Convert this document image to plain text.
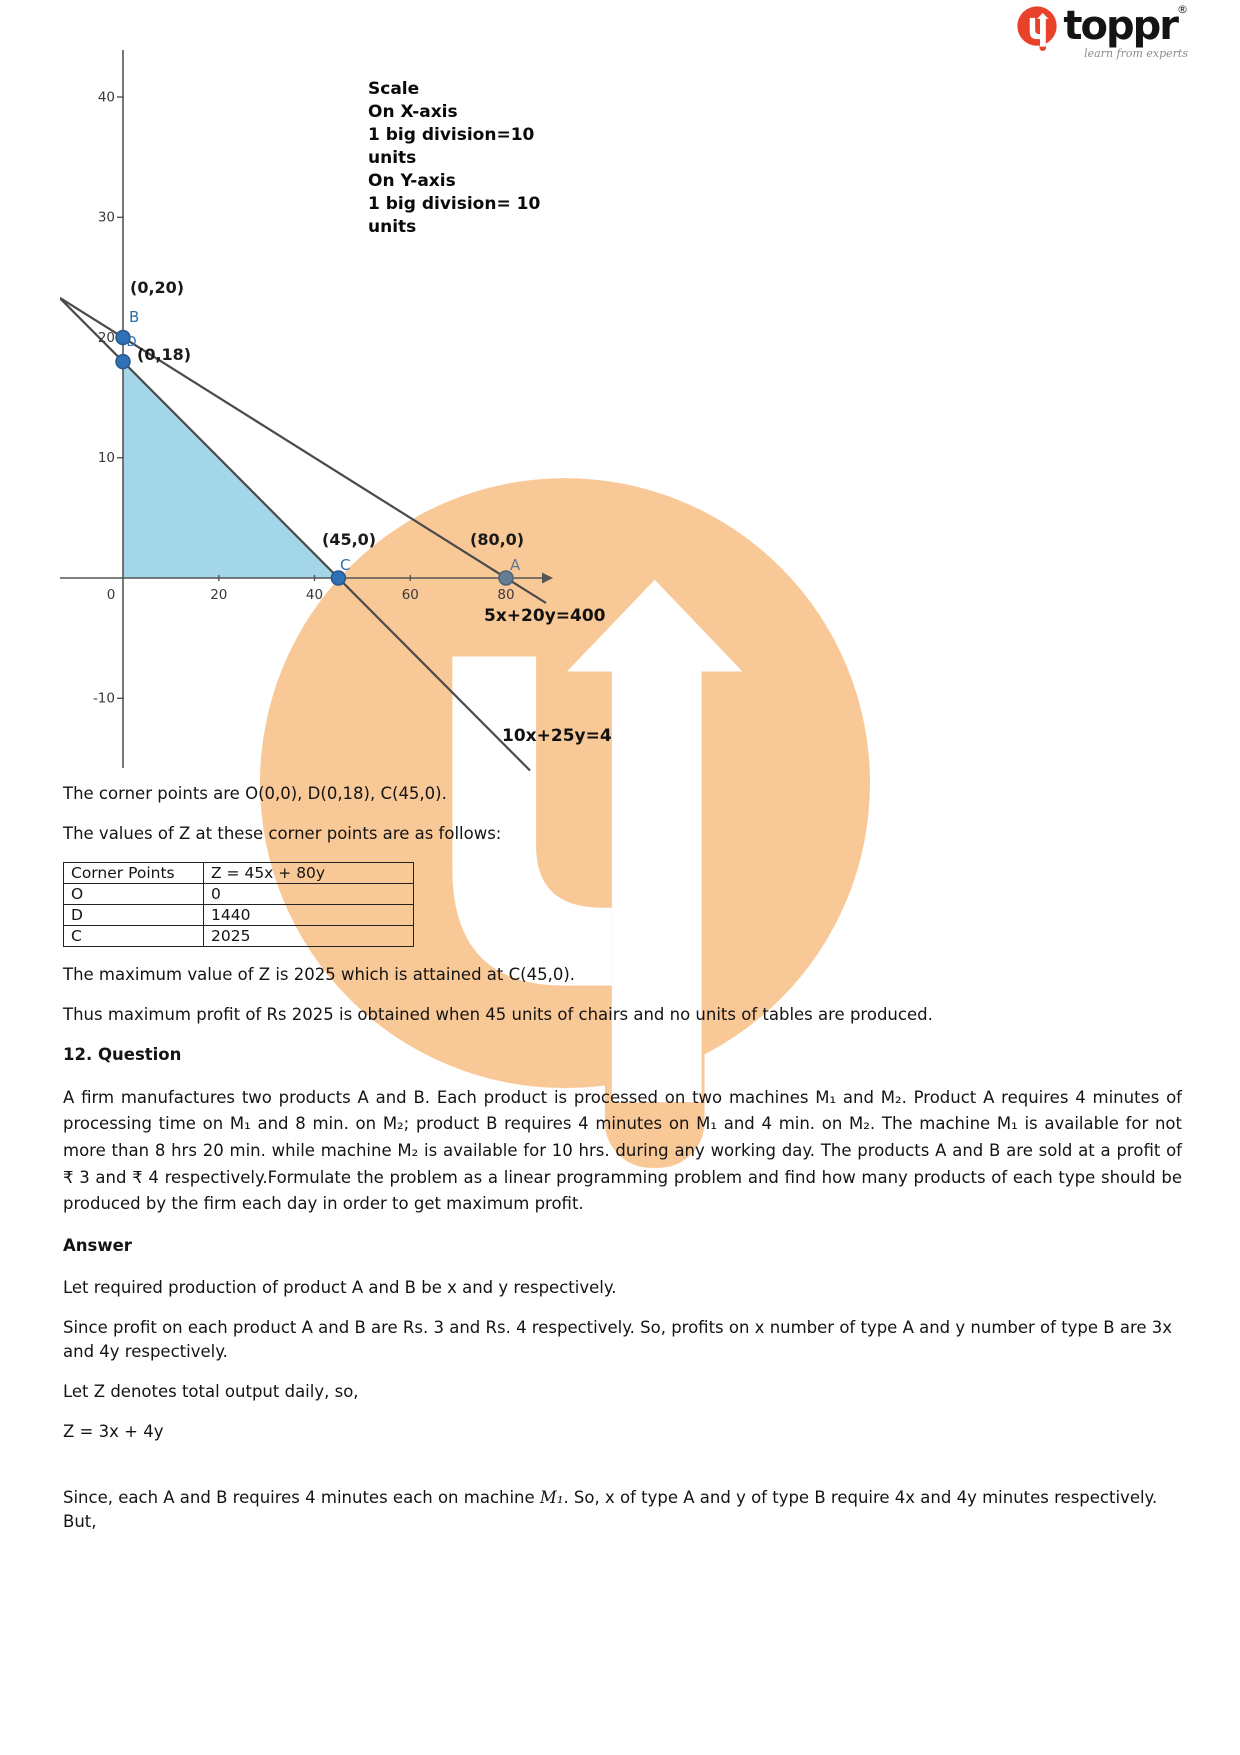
toppr®
learn from experts
40
30
20
10
-10
0	20	40	60	80
(0,20)
B
D
(0,18)
(45,0)
C
(80,0)
A
5x+20y=400
10x+25y=4
Scale
On X-axis
1 big division=10
units
On Y-axis
1 big division= 10
units

The corner points are O(0,0), D(0,18), C(45,0).

The values of Z at these corner points are as follows:

Corner Points	Z = 45x + 80y
O	0
D	1440
C	2025

The maximum value of Z is 2025 which is attained at C(45,0).

Thus maximum profit of Rs 2025 is obtained when 45 units of chairs and no units of tables are produced.

12. Question

A firm manufactures two products A and B. Each product is processed on two machines M₁ and M₂. Product A requires 4 minutes of processing time on M₁ and 8 min. on M₂; product B requires 4 minutes on M₁ and 4 min. on M₂. The machine M₁ is available for not more than 8 hrs 20 min. while machine M₂ is available for 10 hrs. during any working day. The products A and B are sold at a profit of ₹ 3 and ₹ 4 respectively.Formulate the problem as a linear programming problem and find how many products of each type should be produced by the firm each day in order to get maximum profit.

Answer

Let required production of product A and B be x and y respectively.

Since profit on each product A and B are Rs. 3 and Rs. 4 respectively. So, profits on x number of type A and y number of type B are 3x and 4y respectively.

Let Z denotes total output daily, so,

Z = 3x + 4y

Since, each A and B requires 4 minutes each on machine M₁. So, x of type A and y of type B require 4x and 4y minutes respectively. But,
